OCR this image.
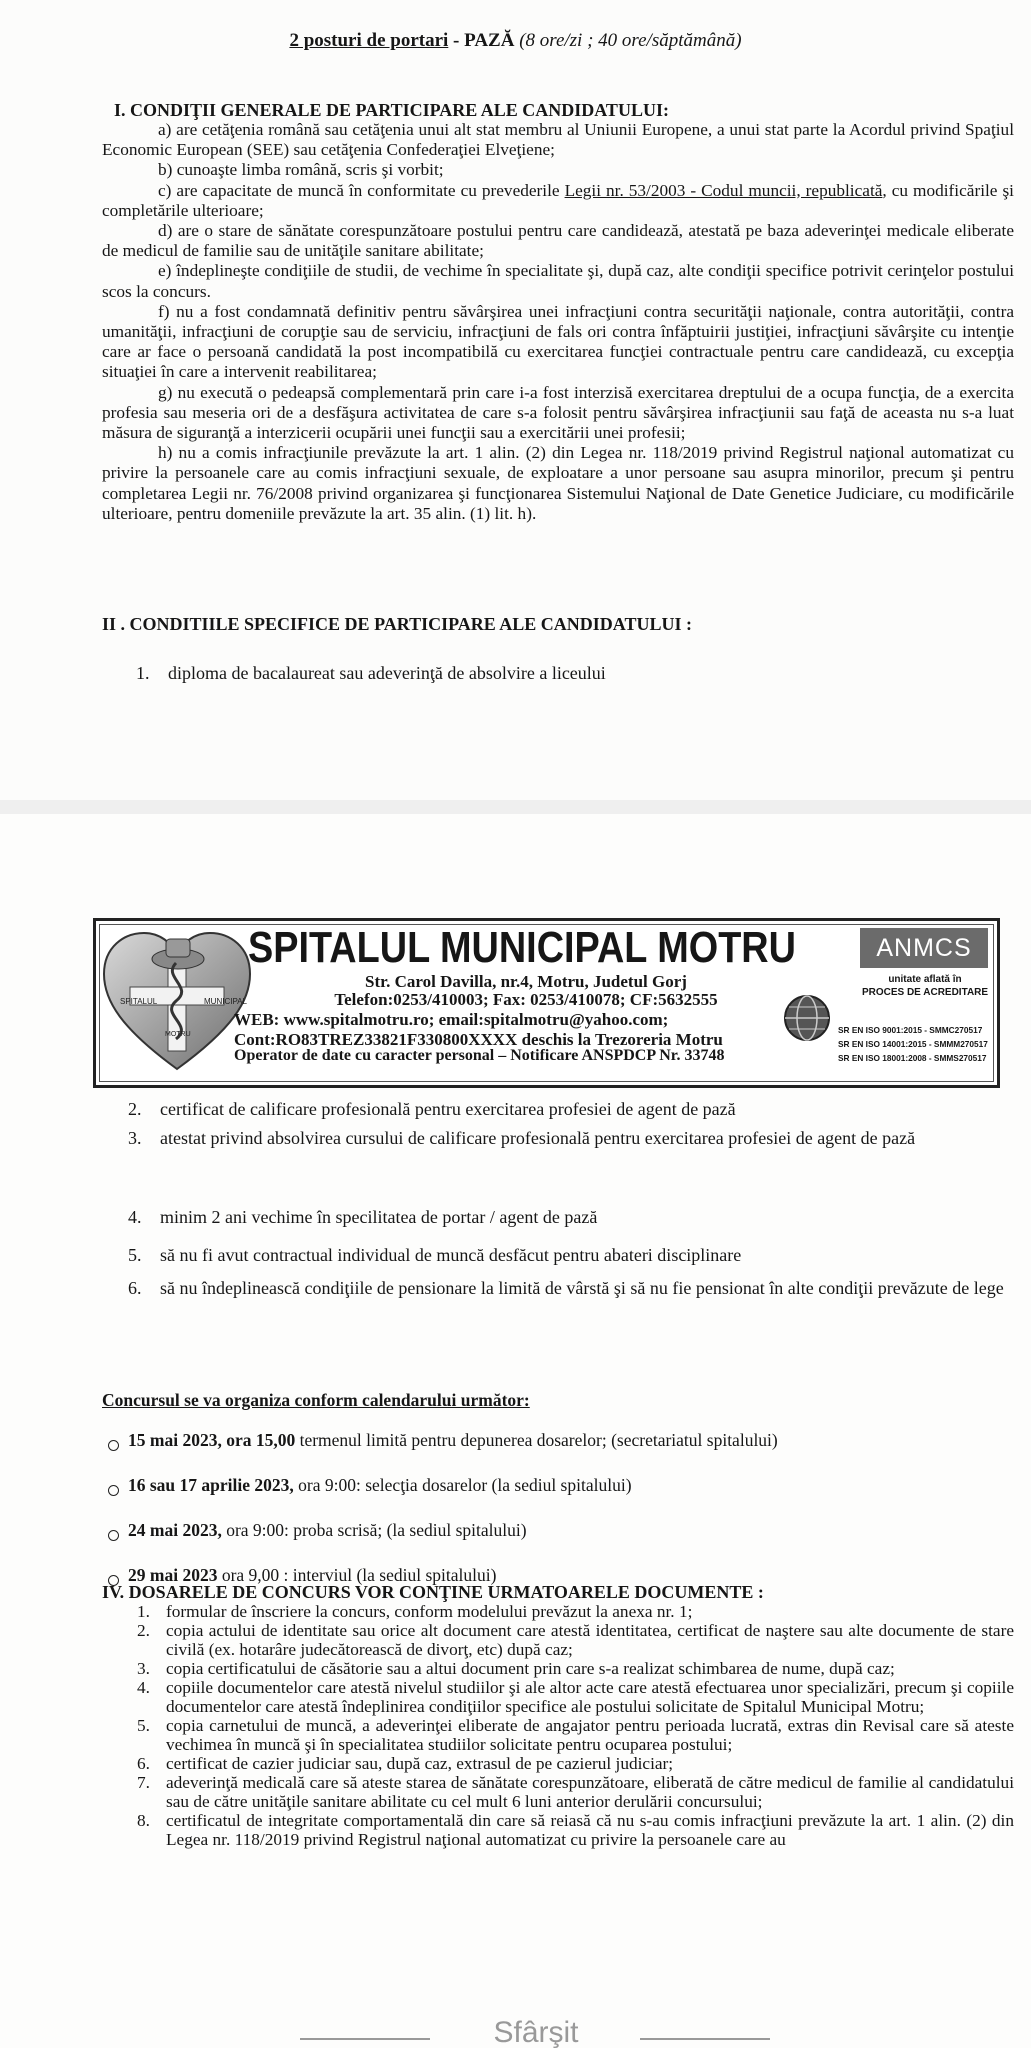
2 posturi de portari - PAZĂ (8 ore/zi ; 40 ore/săptămână)
I. CONDIŢII GENERALE DE PARTICIPARE ALE CANDIDATULUI:

a) are cetăţenia română sau cetăţenia unui alt stat membru al Uniunii Europene, a unui stat parte la Acordul privind Spaţiul Economic European (SEE) sau cetăţenia Confederaţiei Elveţiene;

b) cunoaşte limba română, scris şi vorbit;

c) are capacitate de muncă în conformitate cu prevederile Legii nr. 53/2003 - Codul muncii, republicată, cu modificările şi completările ulterioare;

d) are o stare de sănătate corespunzătoare postului pentru care candidează, atestată pe baza adeverinţei medicale eliberate de medicul de familie sau de unităţile sanitare abilitate;

e) îndeplineşte condiţiile de studii, de vechime în specialitate şi, după caz, alte condiţii specifice potrivit cerinţelor postului scos la concurs.

f) nu a fost condamnată definitiv pentru săvârşirea unei infracţiuni contra securităţii naţionale, contra autorităţii, contra umanităţii, infracţiuni de corupţie sau de serviciu, infracţiuni de fals ori contra înfăptuirii justiţiei, infracţiuni săvârşite cu intenţie care ar face o persoană candidată la post incompatibilă cu exercitarea funcţiei contractuale pentru care candidează, cu excepţia situaţiei în care a intervenit reabilitarea;

g) nu execută o pedeapsă complementară prin care i-a fost interzisă exercitarea dreptului de a ocupa funcţia, de a exercita profesia sau meseria ori de a desfăşura activitatea de care s-a folosit pentru săvârşirea infracţiunii sau faţă de aceasta nu s-a luat măsura de siguranţă a interzicerii ocupării unei funcţii sau a exercitării unei profesii;

h) nu a comis infracţiunile prevăzute la art. 1 alin. (2) din Legea nr. 118/2019 privind Registrul naţional automatizat cu privire la persoanele care au comis infracţiuni sexuale, de exploatare a unor persoane sau asupra minorilor, precum şi pentru completarea Legii nr. 76/2008 privind organizarea şi funcţionarea Sistemului Naţional de Date Genetice Judiciare, cu modificările ulterioare, pentru domeniile prevăzute la art. 35 alin. (1) lit. h).

II . CONDITIILE SPECIFICE DE PARTICIPARE ALE CANDIDATULUI :
1. diploma de bacalaureat sau adeverinţă de absolvire a liceului
SPITALUL	MUNICIPAL
MOTRU
SPITALUL MUNICIPAL MOTRU
Str. Carol Davilla, nr.4, Motru, Judetul Gorj
Telefon:0253/410003; Fax: 0253/410078; CF:5632555
WEB: www.spitalmotru.ro; email:spitalmotru@yahoo.com;
Cont:RO83TREZ33821F330800XXXX deschis la Trezoreria Motru
Operator de date cu caracter personal – Notificare ANSPDCP Nr. 33748
ANMCS
unitate aflată în
PROCES DE ACREDITARE
SR EN ISO 9001:2015 - SMMC270517
SR EN ISO 14001:2015 - SMMM270517
SR EN ISO 18001:2008 - SMMS270517
2. certificat de calificare profesională pentru exercitarea profesiei de agent de pază
3. atestat privind absolvirea cursului de calificare profesională pentru exercitarea profesiei de agent de pază
4. minim 2 ani vechime în specilitatea de portar / agent de pază
5. să nu fi avut contractual individual de muncă desfăcut pentru abateri disciplinare
6. să nu îndeplinească condiţiile de pensionare la limită de vârstă şi să nu fie pensionat în alte condiţii prevăzute de lege
Concursul se va organiza conform calendarului următor:
15 mai 2023, ora 15,00 termenul limită pentru depunerea dosarelor; (secretariatul spitalului)
16 sau 17 aprilie 2023, ora 9:00: selecţia dosarelor (la sediul spitalului)
24 mai 2023, ora 9:00: proba scrisă; (la sediul spitalului)
29 mai 2023 ora 9,00 : interviul (la sediul spitalului)
IV. DOSARELE DE CONCURS VOR CONŢINE URMATOARELE DOCUMENTE :
1. formular de înscriere la concurs, conform modelului prevăzut la anexa nr. 1;
2. copia actului de identitate sau orice alt document care atestă identitatea, certificat de naştere sau alte documente de stare civilă (ex. hotarâre judecătorească de divorţ, etc) după caz;
3. copia certificatului de căsătorie sau a altui document prin care s-a realizat schimbarea de nume, după caz;
4. copiile documentelor care atestă nivelul studiilor şi ale altor acte care atestă efectuarea unor specializări, precum şi copiile documentelor care atestă îndeplinirea condiţiilor specifice ale postului solicitate de Spitalul Municipal Motru;
5. copia carnetului de muncă, a adeverinţei eliberate de angajator pentru perioada lucrată, extras din Revisal care să ateste vechimea în muncă şi în specialitatea studiilor solicitate pentru ocuparea postului;
6. certificat de cazier judiciar sau, după caz, extrasul de pe cazierul judiciar;
7. adeverinţă medicală care să ateste starea de sănătate corespunzătoare, eliberată de către medicul de familie al candidatului sau de către unităţile sanitare abilitate cu cel mult 6 luni anterior derulării concursului;
8. certificatul de integritate comportamentală din care să reiasă că nu s-au comis infracţiuni prevăzute la art. 1 alin. (2) din Legea nr. 118/2019 privind Registrul naţional automatizat cu privire la persoanele care au
Sfârşit
